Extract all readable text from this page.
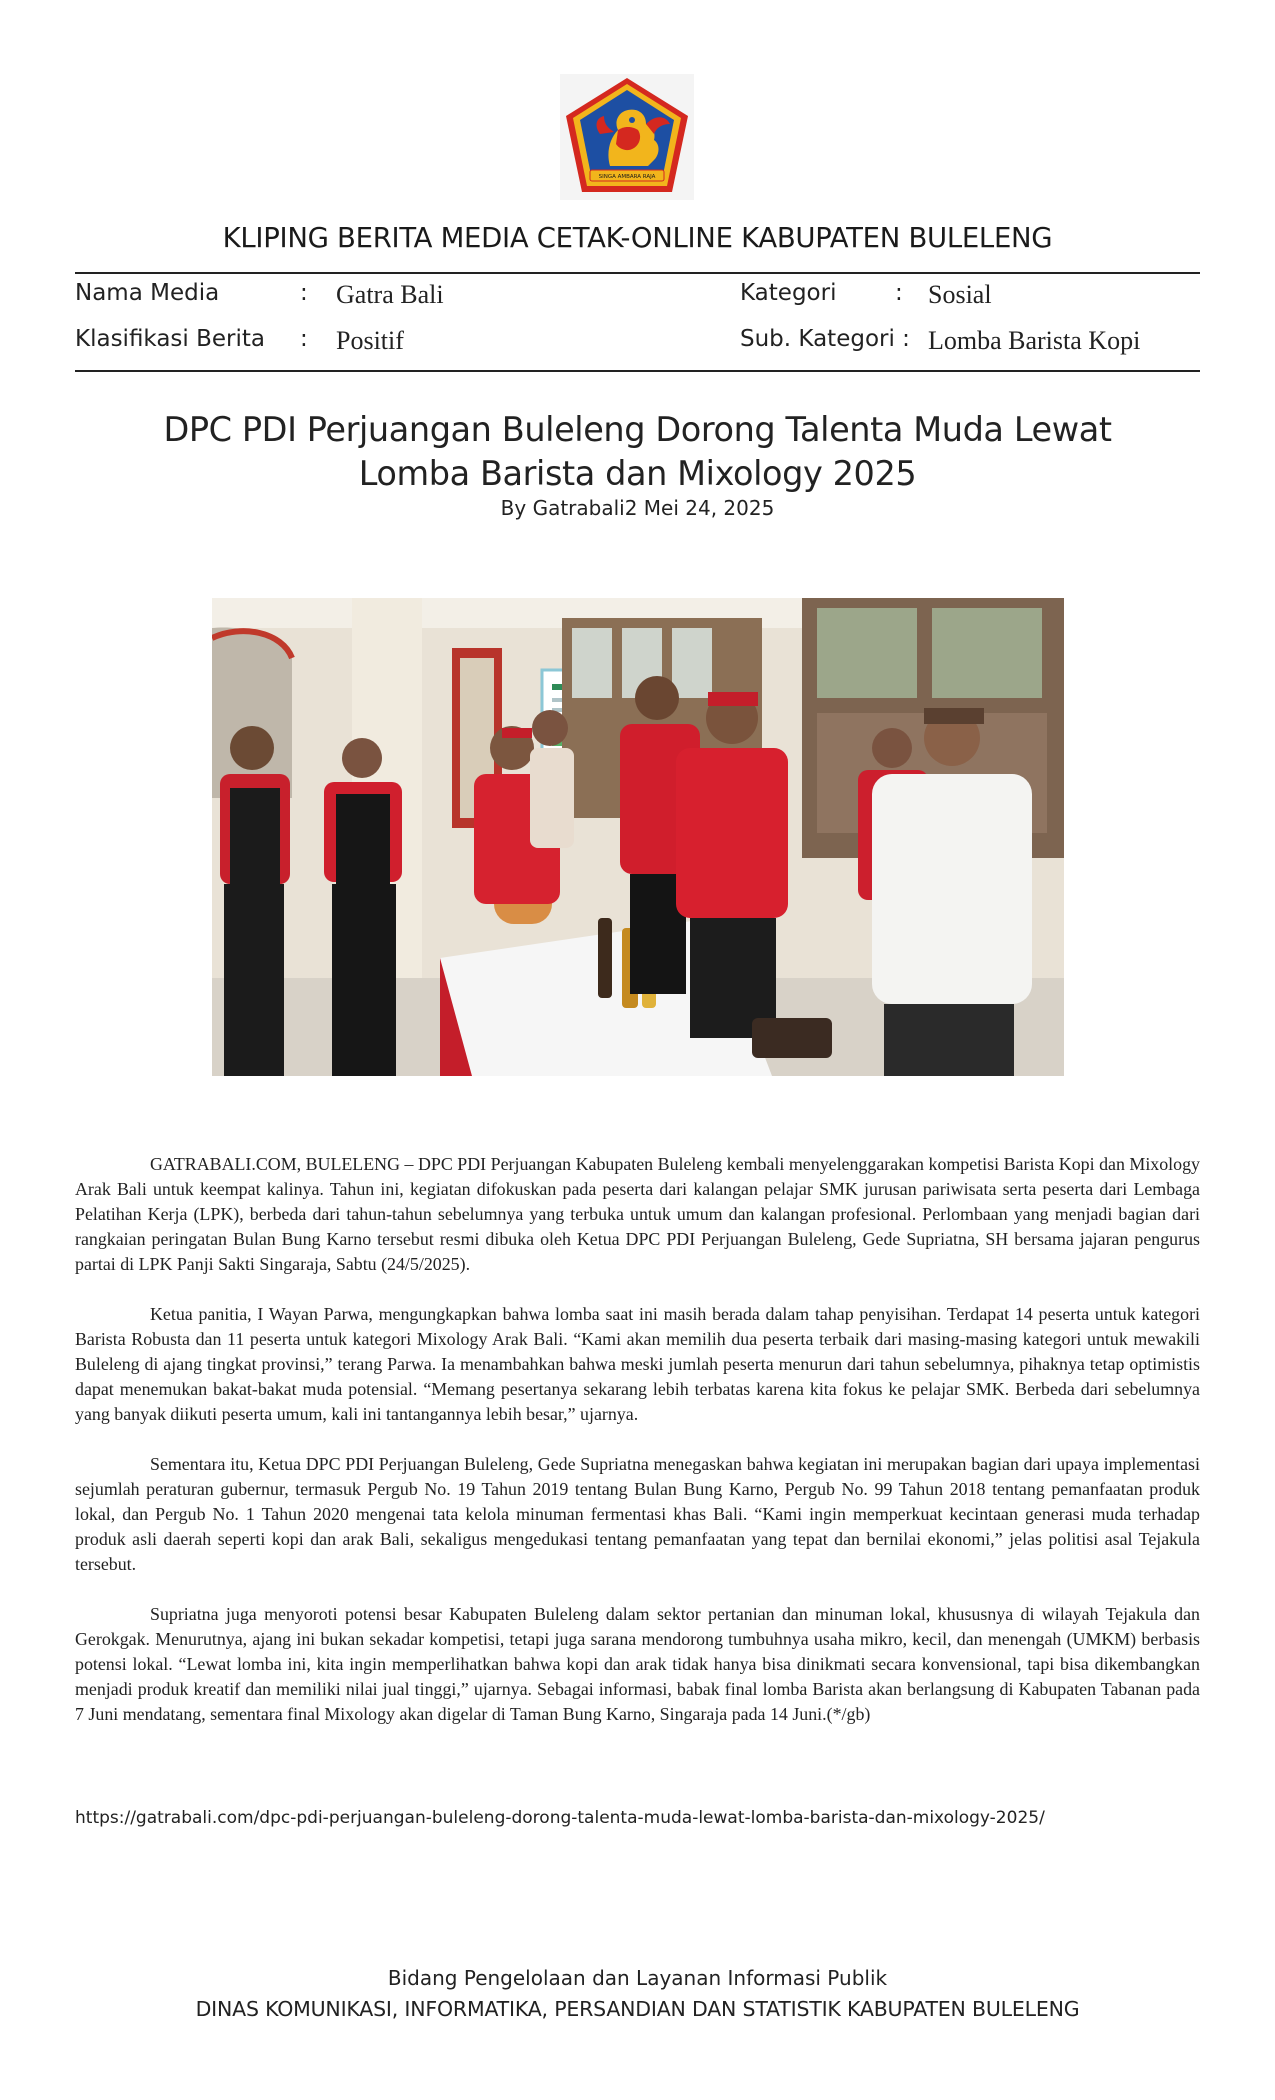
SINGA AMBARA RAJA
KLIPING BERITA MEDIA CETAK-ONLINE KABUPATEN BULELENG
Nama Media	: Gatra Bali
Klasifikasi Berita : Positif
Kategori	: Sosial
Sub. Kategori : Lomba Barista Kopi
DPC PDI Perjuangan Buleleng Dorong Talenta Muda Lewat
Lomba Barista dan Mixology 2025
By Gatrabali2 Mei 24, 2025

GATRABALI.COM, BULELENG – DPC PDI Perjuangan Kabupaten Buleleng kembali menyelenggarakan kompetisi Barista Kopi dan Mixology Arak Bali untuk keempat kalinya. Tahun ini, kegiatan difokuskan pada peserta dari kalangan pelajar SMK jurusan pariwisata serta peserta dari Lembaga Pelatihan Kerja (LPK), berbeda dari tahun-tahun sebelumnya yang terbuka untuk umum dan kalangan profesional. Perlombaan yang menjadi bagian dari rangkaian peringatan Bulan Bung Karno tersebut resmi dibuka oleh Ketua DPC PDI Perjuangan Buleleng, Gede Supriatna, SH bersama jajaran pengurus partai di LPK Panji Sakti Singaraja, Sabtu (24/5/2025).

Ketua panitia, I Wayan Parwa, mengungkapkan bahwa lomba saat ini masih berada dalam tahap penyisihan. Terdapat 14 peserta untuk kategori Barista Robusta dan 11 peserta untuk kategori Mixology Arak Bali. “Kami akan memilih dua peserta terbaik dari masing-masing kategori untuk mewakili Buleleng di ajang tingkat provinsi,” terang Parwa. Ia menambahkan bahwa meski jumlah peserta menurun dari tahun sebelumnya, pihaknya tetap optimistis dapat menemukan bakat-bakat muda potensial. “Memang pesertanya sekarang lebih terbatas karena kita fokus ke pelajar SMK. Berbeda dari sebelumnya yang banyak diikuti peserta umum, kali ini tantangannya lebih besar,” ujarnya.

Sementara itu, Ketua DPC PDI Perjuangan Buleleng, Gede Supriatna menegaskan bahwa kegiatan ini merupakan bagian dari upaya implementasi sejumlah peraturan gubernur, termasuk Pergub No. 19 Tahun 2019 tentang Bulan Bung Karno, Pergub No. 99 Tahun 2018 tentang pemanfaatan produk lokal, dan Pergub No. 1 Tahun 2020 mengenai tata kelola minuman fermentasi khas Bali. “Kami ingin memperkuat kecintaan generasi muda terhadap produk asli daerah seperti kopi dan arak Bali, sekaligus mengedukasi tentang pemanfaatan yang tepat dan bernilai ekonomi,” jelas politisi asal Tejakula tersebut.

Supriatna juga menyoroti potensi besar Kabupaten Buleleng dalam sektor pertanian dan minuman lokal, khususnya di wilayah Tejakula dan Gerokgak. Menurutnya, ajang ini bukan sekadar kompetisi, tetapi juga sarana mendorong tumbuhnya usaha mikro, kecil, dan menengah (UMKM) berbasis potensi lokal. “Lewat lomba ini, kita ingin memperlihatkan bahwa kopi dan arak tidak hanya bisa dinikmati secara konvensional, tapi bisa dikembangkan menjadi produk kreatif dan memiliki nilai jual tinggi,” ujarnya. Sebagai informasi, babak final lomba Barista akan berlangsung di Kabupaten Tabanan pada 7 Juni mendatang, sementara final Mixology akan digelar di Taman Bung Karno, Singaraja pada 14 Juni.(*/gb)

https://gatrabali.com/dpc-pdi-perjuangan-buleleng-dorong-talenta-muda-lewat-lomba-barista-dan-mixology-2025/
Bidang Pengelolaan dan Layanan Informasi Publik
DINAS KOMUNIKASI, INFORMATIKA, PERSANDIAN DAN STATISTIK KABUPATEN BULELENG
